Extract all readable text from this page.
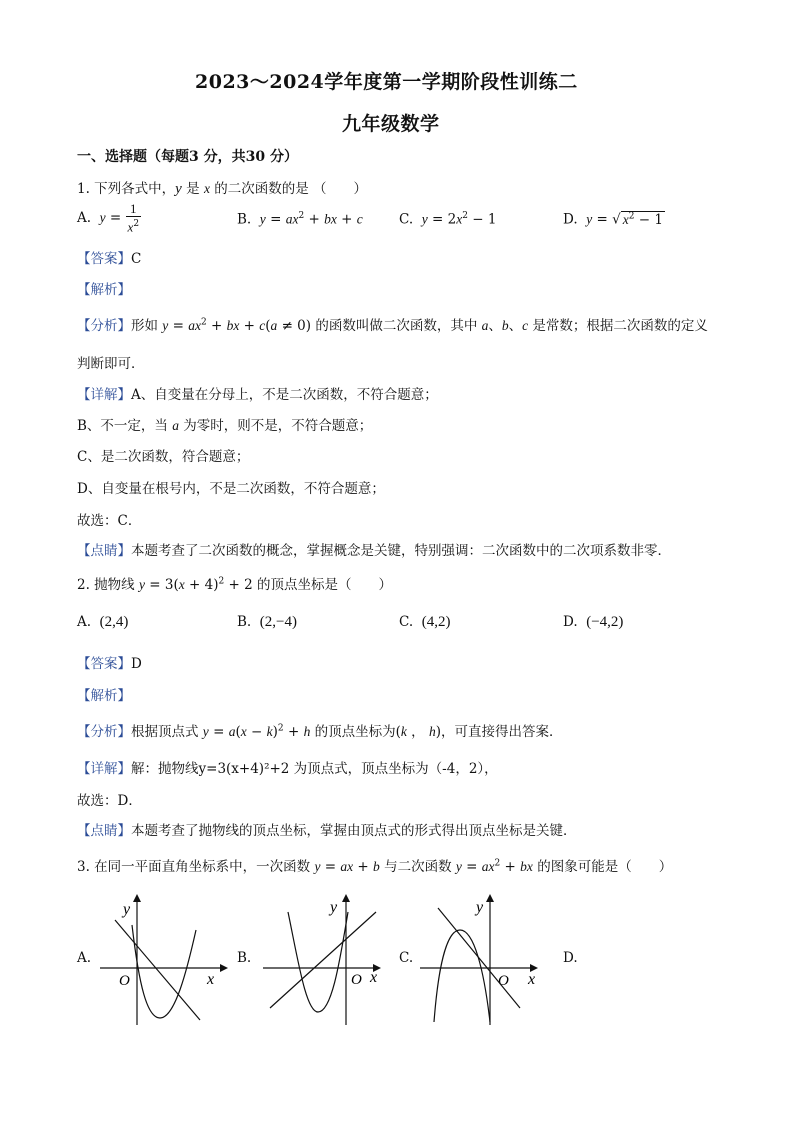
2023～2024学年度第一学期阶段性训练二
九年级数学
一、选择题（每题3 分，共30 分）
1. 下列各式中，y 是 x 的二次函数的是 （　　）
A.  $y = \frac{1}{x^2}$	B.  $y = ax^2$ + bx + c	C.  $y = 2x^2 - 1$	D.  y = √ $x^2 - 1$
【答案】C
【解析】
【分析】形如 $y = ax^2$ + bx + c(a ≠ 0) 的函数叫做二次函数，其中 a、b、c 是常数；根据二次函数的定义
判断即可．
【详解】A、自变量在分母上，不是二次函数，不符合题意；
B、不一定，当 a 为零时，则不是，不符合题意；
C、是二次函数，符合题意；
D、自变量在根号内，不是二次函数，不符合题意；
故选：C．
【点睛】本题考查了二次函数的概念，掌握概念是关键，特别强调：二次函数中的二次项系数非零．
2. 抛物线 $y = 3(x + 4)^2 + 2$ 的顶点坐标是（　　）
A.  (2,4)	B.  (2,−4)	C.  (4,2)	D.  (−4,2)
【答案】D
【解析】
【分析】根据顶点式 $y = a(x - k)^2 + h$ 的顶点坐标为(k ， h)，可直接得出答案．
【详解】解：抛物线y=3(x+4)²+2 为顶点式，顶点坐标为（-4，2），
故选：D．
【点睛】本题考查了抛物线的顶点坐标，掌握由顶点式的形式得出顶点坐标是关键．
3. 在同一平面直角坐标系中，一次函数 y = ax + b 与二次函数 $y = ax^2$ + bx 的图象可能是（　　）
A.	B.	C.	D.
y
x
O
y
x
O
y
x
O
